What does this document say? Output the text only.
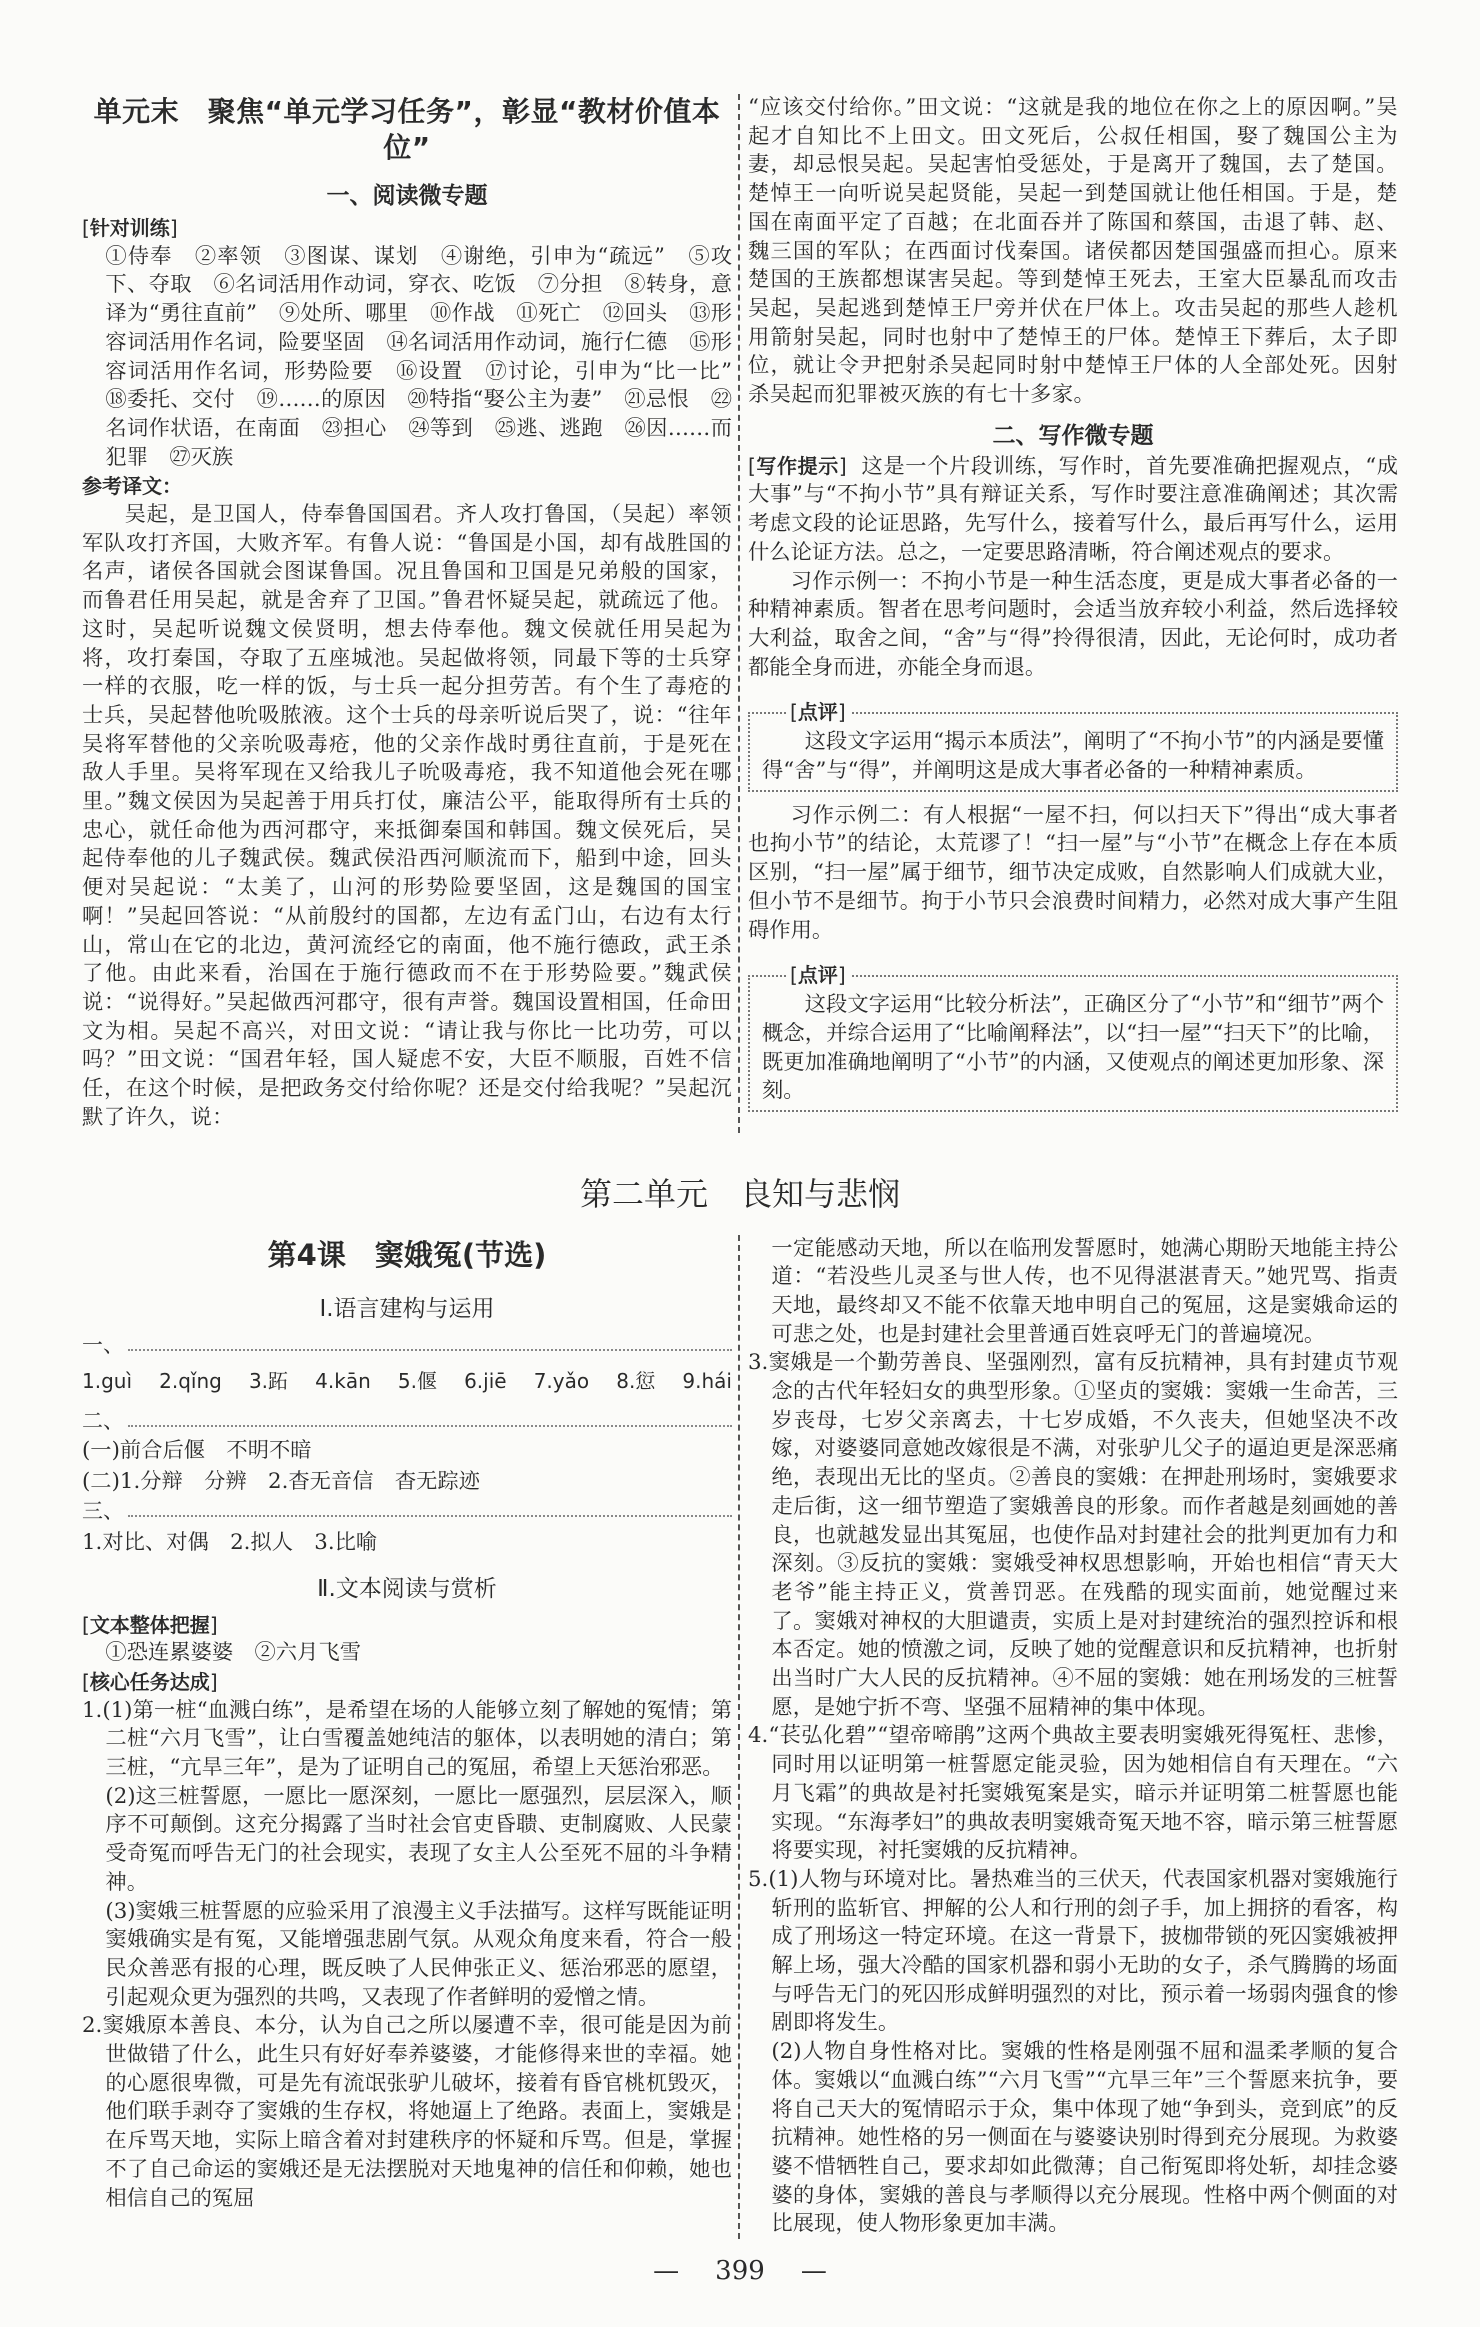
单元末　聚焦“单元学习任务”，彰显“教材价值本位”
一、阅读微专题
[ 针对训练 ]

①侍奉　②率领　③图谋、谋划　④谢绝，引申为“疏远”　⑤攻下、夺取　⑥名词活用作动词，穿衣、吃饭　⑦分担　⑧转身，意译为“勇往直前”　⑨处所、哪里　⑩作战　⑪死亡　⑫回头　⑬形容词活用作名词，险要坚固　⑭名词活用作动词，施行仁德　⑮形容词活用作名词，形势险要　⑯设置　⑰讨论，引申为“比一比”　⑱委托、交付　⑲……的原因　⑳特指“娶公主为妻”　㉑忌恨　㉒名词作状语，在南面　㉓担心　㉔等到　㉕逃、逃跑　㉖因……而犯罪　㉗灭族

参考译文：

吴起，是卫国人，侍奉鲁国国君。齐人攻打鲁国，（吴起）率领军队攻打齐国，大败齐军。有鲁人说：“鲁国是小国，却有战胜国的名声，诸侯各国就会图谋鲁国。况且鲁国和卫国是兄弟般的国家，而鲁君任用吴起，就是舍弃了卫国。”鲁君怀疑吴起，就疏远了他。这时，吴起听说魏文侯贤明，想去侍奉他。魏文侯就任用吴起为将，攻打秦国，夺取了五座城池。吴起做将领，同最下等的士兵穿一样的衣服，吃一样的饭，与士兵一起分担劳苦。有个生了毒疮的士兵，吴起替他吮吸脓液。这个士兵的母亲听说后哭了，说：“往年吴将军替他的父亲吮吸毒疮，他的父亲作战时勇往直前，于是死在敌人手里。吴将军现在又给我儿子吮吸毒疮，我不知道他会死在哪里。”魏文侯因为吴起善于用兵打仗，廉洁公平，能取得所有士兵的忠心，就任命他为西河郡守，来抵御秦国和韩国。魏文侯死后，吴起侍奉他的儿子魏武侯。魏武侯沿西河顺流而下，船到中途，回头便对吴起说：“太美了，山河的形势险要坚固，这是魏国的国宝啊！”吴起回答说：“从前殷纣的国都，左边有孟门山，右边有太行山，常山在它的北边，黄河流经它的南面，他不施行德政，武王杀了他。由此来看，治国在于施行德政而不在于形势险要。”魏武侯说：“说得好。”吴起做西河郡守，很有声誉。魏国设置相国，任命田文为相。吴起不高兴，对田文说：“请让我与你比一比功劳，可以吗？”田文说：“国君年轻，国人疑虑不安，大臣不顺服，百姓不信任，在这个时候，是把政务交付给你呢？还是交付给我呢？”吴起沉默了许久，说：

“应该交付给你。”田文说：“这就是我的地位在你之上的原因啊。”吴起才自知比不上田文。田文死后，公叔任相国，娶了魏国公主为妻，却忌恨吴起。吴起害怕受惩处，于是离开了魏国，去了楚国。楚悼王一向听说吴起贤能，吴起一到楚国就让他任相国。于是，楚国在南面平定了百越；在北面吞并了陈国和蔡国，击退了韩、赵、魏三国的军队；在西面讨伐秦国。诸侯都因楚国强盛而担心。原来楚国的王族都想谋害吴起。等到楚悼王死去，王室大臣暴乱而攻击吴起，吴起逃到楚悼王尸旁并伏在尸体上。攻击吴起的那些人趁机用箭射吴起，同时也射中了楚悼王的尸体。楚悼王下葬后，太子即位，就让令尹把射杀吴起同时射中楚悼王尸体的人全部处死。因射杀吴起而犯罪被灭族的有七十多家。

二、写作微专题

[ 写作提示 ] 这是一个片段训练，写作时，首先要准确把握观点，“成大事”与“不拘小节”具有辩证关系，写作时要注意准确阐述；其次需考虑文段的论证思路，先写什么，接着写什么，最后再写什么，运用什么论证方法。总之，一定要思路清晰，符合阐述观点的要求。

习作示例一：不拘小节是一种生活态度，更是成大事者必备的一种精神素质。智者在思考问题时，会适当放弃较小利益，然后选择较大利益，取舍之间，“舍”与“得”拎得很清，因此，无论何时，成功者都能全身而进，亦能全身而退。

[ 点评 ]

这段文字运用“揭示本质法”，阐明了“不拘小节”的内涵是要懂得“舍”与“得”，并阐明这是成大事者必备的一种精神素质。

习作示例二：有人根据“一屋不扫，何以扫天下”得出“成大事者也拘小节”的结论，太荒谬了！“扫一屋”与“小节”在概念上存在本质区别，“扫一屋”属于细节，细节决定成败，自然影响人们成就大业，但小节不是细节。拘于小节只会浪费时间精力，必然对成大事产生阻碍作用。

[ 点评 ]

这段文字运用“比较分析法”，正确区分了“小节”和“细节”两个概念，并综合运用了“比喻阐释法”，以“扫一屋”“扫天下”的比喻，既更加准确地阐明了“小节”的内涵，又使观点的阐述更加形象、深刻。

第二单元 良知与悲悯
第4课　窦娥冤(节选)
Ⅰ.语言建构与运用
一、
1.guì 2.qǐng 3.跖 4.kān 5.偃 6.jiē 7.yǎo 8.愆 9.hái
二、

(一)前合后偃　不明不暗

(二)1.分辩　分辨　2.杳无音信　杳无踪迹

三、

1.对比、对偶　2.拟人　3.比喻

Ⅱ.文本阅读与赏析
[ 文本整体把握 ]

①恐连累婆婆　②六月飞雪

[ 核心任务达成 ]

1.(1)第一桩“血溅白练”，是希望在场的人能够立刻了解她的冤情；第二桩“六月飞雪”，让白雪覆盖她纯洁的躯体，以表明她的清白；第三桩，“亢旱三年”，是为了证明自己的冤屈，希望上天惩治邪恶。

(2)这三桩誓愿，一愿比一愿深刻，一愿比一愿强烈，层层深入，顺序不可颠倒。这充分揭露了当时社会官吏昏聩、吏制腐败、人民蒙受奇冤而呼告无门的社会现实，表现了女主人公至死不屈的斗争精神。

(3)窦娥三桩誓愿的应验采用了浪漫主义手法描写。这样写既能证明窦娥确实是有冤，又能增强悲剧气氛。从观众角度来看，符合一般民众善恶有报的心理，既反映了人民伸张正义、惩治邪恶的愿望，引起观众更为强烈的共鸣，又表现了作者鲜明的爱憎之情。

2.窦娥原本善良、本分，认为自己之所以屡遭不幸，很可能是因为前世做错了什么，此生只有好好奉养婆婆，才能修得来世的幸福。她的心愿很卑微，可是先有流氓张驴儿破坏，接着有昏官桃杌毁灭，他们联手剥夺了窦娥的生存权，将她逼上了绝路。表面上，窦娥是在斥骂天地，实际上暗含着对封建秩序的怀疑和斥骂。但是，掌握不了自己命运的窦娥还是无法摆脱对天地鬼神的信任和仰赖，她也相信自己的冤屈

一定能感动天地，所以在临刑发誓愿时，她满心期盼天地能主持公道：“若没些儿灵圣与世人传，也不见得湛湛青天。”她咒骂、指责天地，最终却又不能不依靠天地申明自己的冤屈，这是窦娥命运的可悲之处，也是封建社会里普通百姓哀呼无门的普遍境况。

3.窦娥是一个勤劳善良、坚强刚烈，富有反抗精神，具有封建贞节观念的古代年轻妇女的典型形象。①坚贞的窦娥：窦娥一生命苦，三岁丧母，七岁父亲离去，十七岁成婚，不久丧夫，但她坚决不改嫁，对婆婆同意她改嫁很是不满，对张驴儿父子的逼迫更是深恶痛绝，表现出无比的坚贞。②善良的窦娥：在押赴刑场时，窦娥要求走后街，这一细节塑造了窦娥善良的形象。而作者越是刻画她的善良，也就越发显出其冤屈，也使作品对封建社会的批判更加有力和深刻。③反抗的窦娥：窦娥受神权思想影响，开始也相信“青天大老爷”能主持正义，赏善罚恶。在残酷的现实面前，她觉醒过来了。窦娥对神权的大胆谴责，实质上是对封建统治的强烈控诉和根本否定。她的愤激之词，反映了她的觉醒意识和反抗精神，也折射出当时广大人民的反抗精神。④不屈的窦娥：她在刑场发的三桩誓愿，是她宁折不弯、坚强不屈精神的集中体现。

4.“苌弘化碧”“望帝啼鹃”这两个典故主要表明窦娥死得冤枉、悲惨，同时用以证明第一桩誓愿定能灵验，因为她相信自有天理在。“六月飞霜”的典故是衬托窦娥冤案是实，暗示并证明第二桩誓愿也能实现。“东海孝妇”的典故表明窦娥奇冤天地不容，暗示第三桩誓愿将要实现，衬托窦娥的反抗精神。

5.(1)人物与环境对比。暑热难当的三伏天，代表国家机器对窦娥施行斩刑的监斩官、押解的公人和行刑的刽子手，加上拥挤的看客，构成了刑场这一特定环境。在这一背景下，披枷带锁的死囚窦娥被押解上场，强大冷酷的国家机器和弱小无助的女子，杀气腾腾的场面与呼告无门的死囚形成鲜明强烈的对比，预示着一场弱肉强食的惨剧即将发生。

(2)人物自身性格对比。窦娥的性格是刚强不屈和温柔孝顺的复合体。窦娥以“血溅白练”“六月飞雪”“亢旱三年”三个誓愿来抗争，要将自己天大的冤情昭示于众，集中体现了她“争到头，竞到底”的反抗精神。她性格的另一侧面在与婆婆诀别时得到充分展现。为救婆婆不惜牺牲自己，要求却如此微薄；自己衔冤即将处斩，却挂念婆婆的身体，窦娥的善良与孝顺得以充分展现。性格中两个侧面的对比展现，使人物形象更加丰满。

— 399 —
